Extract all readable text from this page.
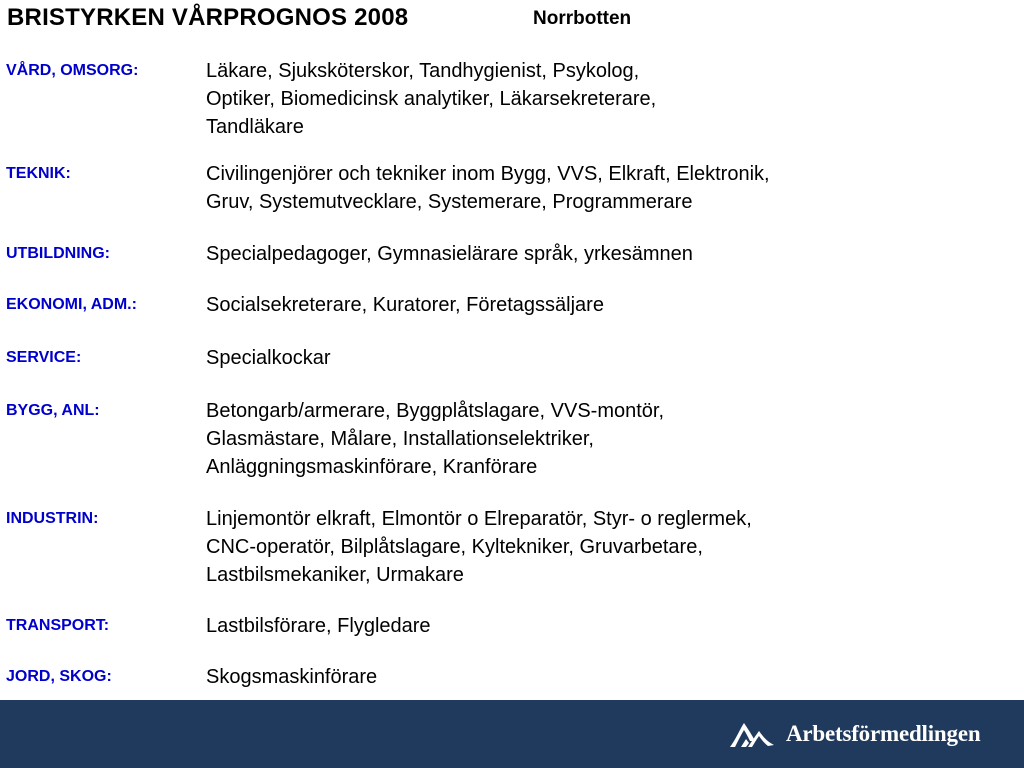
BRISTYRKEN VÅRPROGNOS 2008	Norrbotten
VÅRD, OMSORG:	Läkare, Sjuksköterskor, Tandhygienist, Psykolog,
Optiker, Biomedicinsk analytiker, Läkarsekreterare,
Tandläkare
TEKNIK:	Civilingenjörer och tekniker inom Bygg, VVS, Elkraft, Elektronik,
Gruv, Systemutvecklare, Systemerare, Programmerare
UTBILDNING:	Specialpedagoger, Gymnasielärare språk, yrkesämnen
EKONOMI, ADM.:	Socialsekreterare, Kuratorer, Företagssäljare
SERVICE:	Specialkockar
BYGG, ANL:	Betongarb/armerare, Byggplåtslagare, VVS-montör,
Glasmästare, Målare, Installationselektriker,
Anläggningsmaskinförare, Kranförare
INDUSTRIN:	Linjemontör elkraft, Elmontör o Elreparatör, Styr- o reglermek,
CNC-operatör, Bilplåtslagare, Kyltekniker, Gruvarbetare,
Lastbilsmekaniker, Urmakare
TRANSPORT:	Lastbilsförare, Flygledare
JORD, SKOG:	Skogsmaskinförare
Arbetsförmedlingen
